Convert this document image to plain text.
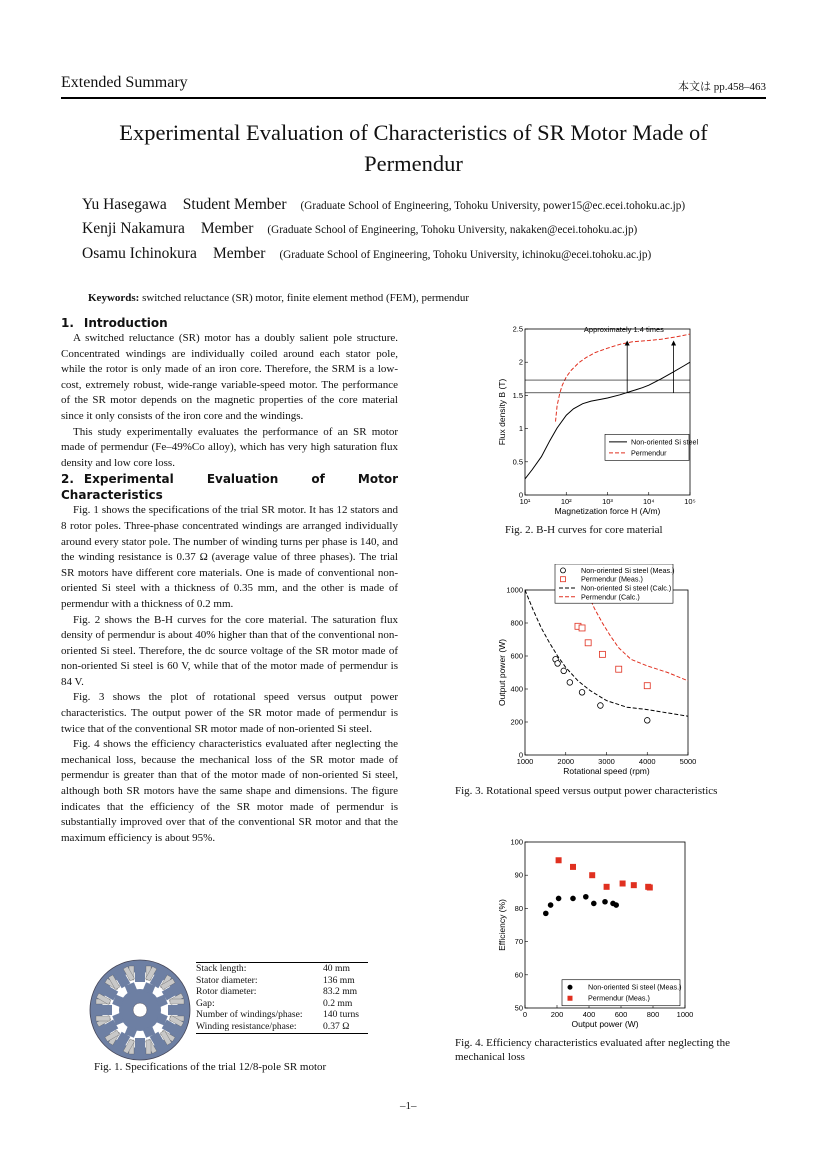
Extended Summary	本文は pp.458–463
Experimental Evaluation of Characteristics of SR Motor Made of Permendur
Yu Hasegawa Student Member (Graduate School of Engineering, Tohoku University, power15@ec.ecei.tohoku.ac.jp)
Kenji Nakamura Member (Graduate School of Engineering, Tohoku University, nakaken@ecei.tohoku.ac.jp)
Osamu Ichinokura Member (Graduate School of Engineering, Tohoku University, ichinoku@ecei.tohoku.ac.jp)
Keywords: switched reluctance (SR) motor, finite element method (FEM), permendur
1. Introduction

A switched reluctance (SR) motor has a doubly salient pole structure. Concentrated windings are individually coiled around each stator pole, while the rotor is only made of an iron core. Therefore, the SRM is a low-cost, extremely robust, wide-range variable-speed motor. The performance of the SR motor depends on the magnetic properties of the core material since it only consists of the iron core and the windings.

This study experimentally evaluates the performance of an SR motor made of permendur (Fe–49%Co alloy), which has very high saturation flux density and low core loss.

2. Experimental Evaluation of Motor Characteristics

Fig. 1 shows the specifications of the trial SR motor. It has 12 stators and 8 rotor poles. Three-phase concentrated windings are arranged individually around every stator pole. The number of winding turns per phase is 140, and the winding resistance is 0.37 Ω (average value of three phases). The trial SR motors have different core materials. One is made of conventional non-oriented Si steel with a thickness of 0.35 mm, and the other is made of permendur with a thickness of 0.2 mm.

Fig. 2 shows the B-H curves for the core material. The saturation flux density of permendur is about 40% higher than that of the conventional non-oriented Si steel. Therefore, the dc source voltage of the SR motor made of non-oriented Si steel is 60 V, while that of the motor made of permendur is 84 V.

Fig. 3 shows the plot of rotational speed versus output power characteristics. The output power of the SR motor made of permendur is twice that of the conventional SR motor made of non-oriented Si steel.

Fig. 4 shows the efficiency characteristics evaluated after neglecting the mechanical loss, because the mechanical loss of the SR motor made of permendur is greater than that of the motor made of non-oriented Si steel, although both SR motors have the same shape and dimensions. The figure indicates that the efficiency of the SR motor made of permendur is substantially improved over that of the conventional SR motor and that the maximum efficiency is about 95%.

Stack length:	40 mm
Stator diameter:	136 mm
Rotor diameter:	83.2 mm
Gap:	0.2 mm
Number of windings/phase: 140 turns
Winding resistance/phase:	0.37 Ω
Fig. 1. Specifications of the trial 12/8-pole SR motor
10¹	10²	10³	10⁴	10⁵
0
0.5
1
1.5
2
2.5
Magnetization force H (A/m)
Flux density B (T)
Approximately 1.4 times
Non-oriented Si steel
Permendur
Fig. 2. B-H curves for core material
1000	2000	3000	4000	5000
0
200
400
600
800
1000
Rotational speed (rpm)
Output power (W)
Non-oriented Si steel (Meas.)
Permendur (Meas.)
Non-oriented Si steel (Calc.)
Permendur (Calc.)
Fig. 3. Rotational speed versus output power characteristics
0	200	400	600	800 1000
50
60
70
80
90
100
Output power (W)
Efficiency (%)
Non-oriented Si steel (Meas.)
Permendur (Meas.)
Fig. 4. Efficiency characteristics evaluated after neglecting the mechanical loss
–1–
